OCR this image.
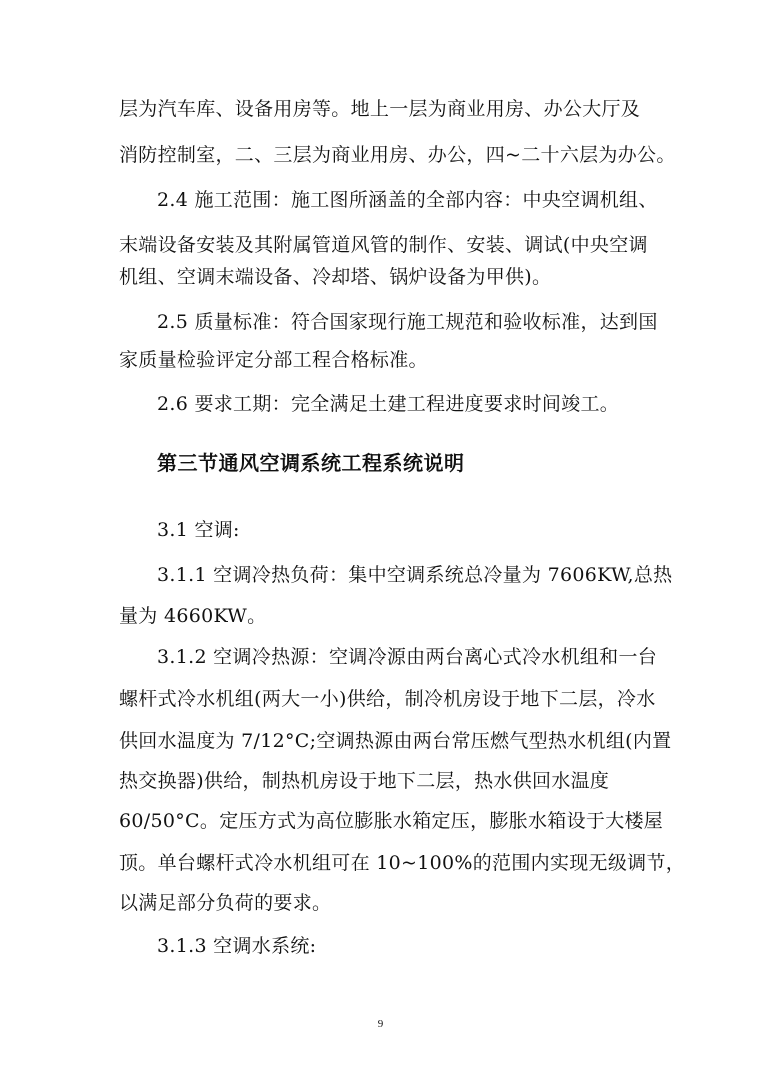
层为汽车库、设备用房等。地上一层为商业用房、办公大厅及
消防控制室，二、三层为商业用房、办公，四~二十六层为办公。
2.4 施工范围：施工图所涵盖的全部内容：中央空调机组、
末端设备安装及其附属管道风管的制作、安装、调试(中央空调
机组、空调末端设备、冷却塔、锅炉设备为甲供)。
2.5 质量标准：符合国家现行施工规范和验收标准，达到国
家质量检验评定分部工程合格标准。
2.6 要求工期：完全满足土建工程进度要求时间竣工。
第三节通风空调系统工程系统说明
3.1 空调:
3.1.1 空调冷热负荷：集中空调系统总冷量为 7606KW,总热
量为 4660KW。
3.1.2 空调冷热源：空调冷源由两台离心式冷水机组和一台
螺杆式冷水机组(两大一小)供给，制冷机房设于地下二层，冷水
供回水温度为 7/12°C;空调热源由两台常压燃气型热水机组(内置
热交换器)供给，制热机房设于地下二层，热水供回水温度
60/50°C。定压方式为高位膨胀水箱定压，膨胀水箱设于大楼屋
顶。单台螺杆式冷水机组可在 10~100%的范围内实现无级调节，
以满足部分负荷的要求。
3.1.3 空调水系统:
9
